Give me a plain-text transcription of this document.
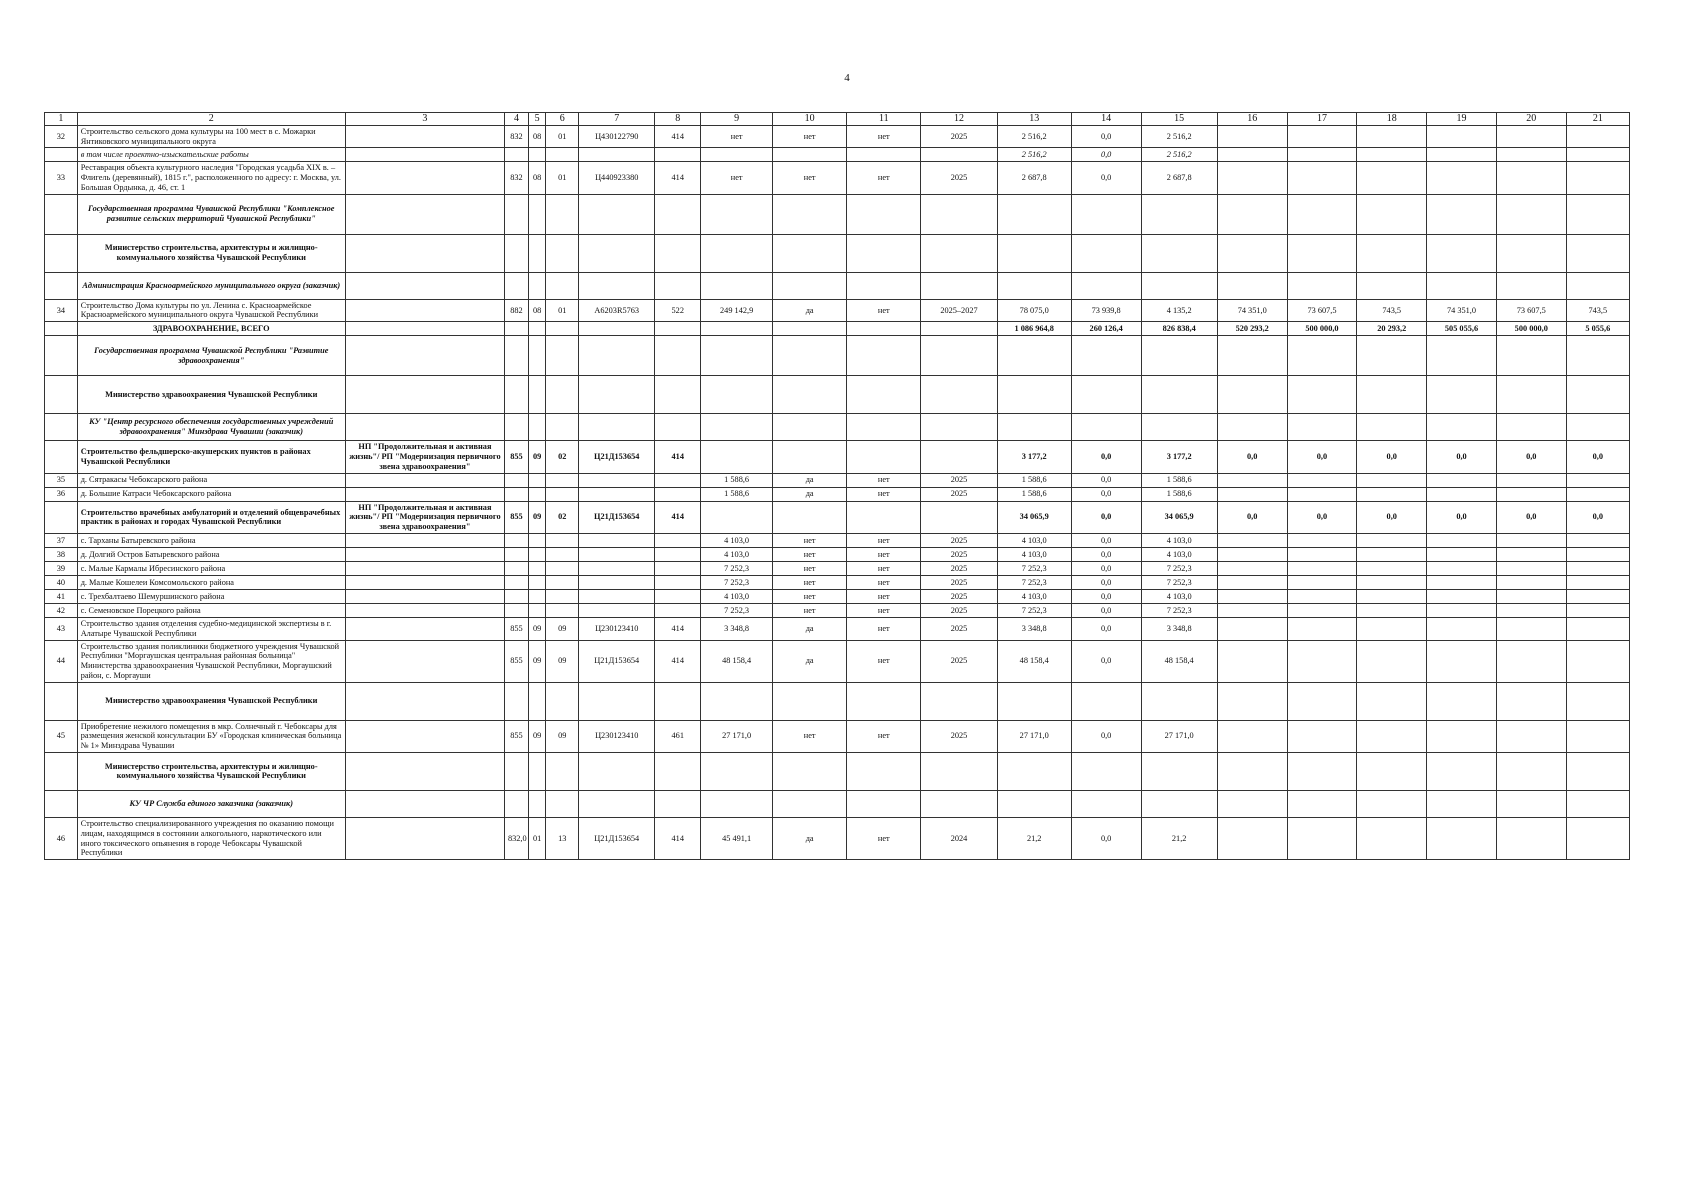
4
1	2	3	4	5	6	7	8	9	10	11	12	13	14	15	16	17	18	19	20	21
32	Строительство сельского дома культуры на 100 мест в с. Можарки Янтиковского муниципального округа		832	08	01	Ц430122790	414	нет	нет	нет	2025	2 516,2	0,0	2 516,2						
	в том числе проектно-изыскательские работы											2 516,2	0,0	2 516,2						
33	Реставрация объекта культурного наследия "Городская усадьба XIX в. – Флигель (деревянный), 1815 г.", расположенного по адресу: г. Москва, ул. Большая Ордынка, д. 46, ст. 1		832	08	01	Ц440923380	414	нет	нет	нет	2025	2 687,8	0,0	2 687,8						
	Государственная программа Чувашской Республики "Комплексное развитие сельских территорий Чувашской Республики"																			
	Министерство строительства, архитектуры и жилищно-коммунального хозяйства Чувашской Республики																			
	Администрация Красноармейского муниципального округа (заказчик)																			
34	Строительство Дома культуры по ул. Ленина с. Красноармейское Красноармейского муниципального округа Чувашской Республики		882	08	01	А6203R5763	522	249 142,9	да	нет	2025–2027	78 075,0	73 939,8	4 135,2	74 351,0	73 607,5	743,5	74 351,0	73 607,5	743,5
	ЗДРАВООХРАНЕНИЕ, ВСЕГО											1 086 964,8	260 126,4	826 838,4	520 293,2	500 000,0	20 293,2	505 055,6	500 000,0	5 055,6
	Государственная программа Чувашской Республики "Развитие здравоохранения"																			
	Министерство здравоохранения Чувашской Республики																			
	КУ "Центр ресурсного обеспечения государственных учреждений здравоохранения" Минздрава Чувашии (заказчик)																			
	Строительство фельдшерско-акушерских пунктов в районах Чувашской Республики	НП "Продолжительная и активная жизнь"/ РП "Модернизация первичного звена здравоохранения"	855	09	02	Ц21Д153654	414					3 177,2	0,0	3 177,2	0,0	0,0	0,0	0,0	0,0	0,0
35	д. Сятракасы Чебоксарского района							1 588,6	да	нет	2025	1 588,6	0,0	1 588,6						
36	д. Большие Катраси Чебоксарского района							1 588,6	да	нет	2025	1 588,6	0,0	1 588,6						
	Строительство врачебных амбулаторий и отделений общеврачебных практик в районах и городах Чувашской Республики	НП "Продолжительная и активная жизнь"/ РП "Модернизация первичного звена здравоохранения"	855	09	02	Ц21Д153654	414					34 065,9	0,0	34 065,9	0,0	0,0	0,0	0,0	0,0	0,0
37	с. Тарханы Батыревского района							4 103,0	нет	нет	2025	4 103,0	0,0	4 103,0						
38	д. Долгий Остров Батыревского района							4 103,0	нет	нет	2025	4 103,0	0,0	4 103,0						
39	с. Малые Кармалы Ибресинского района							7 252,3	нет	нет	2025	7 252,3	0,0	7 252,3						
40	д. Малые Кошелеи Комсомольского района							7 252,3	нет	нет	2025	7 252,3	0,0	7 252,3						
41	с. Трехбалтаево Шемуршинского района							4 103,0	нет	нет	2025	4 103,0	0,0	4 103,0						
42	с. Семеновское Порецкого района							7 252,3	нет	нет	2025	7 252,3	0,0	7 252,3						
43	Строительство здания отделения судебно-медицинской экспертизы в г. Алатыре Чувашской Республики		855	09	09	Ц230123410	414	3 348,8	да	нет	2025	3 348,8	0,0	3 348,8						
44	Строительство здания поликлиники бюджетного учреждения Чувашской Республики "Моргаушская центральная районная больница" Министерства здравоохранения Чувашской Республики, Моргаушский район, с. Моргауши		855	09	09	Ц21Д153654	414	48 158,4	да	нет	2025	48 158,4	0,0	48 158,4						
	Министерство здравоохранения Чувашской Республики																			
45	Приобретение нежилого помещения в мкр. Солнечный г. Чебоксары для размещения женской консультации БУ «Городская клиническая больница № 1» Минздрава Чувашии		855	09	09	Ц230123410	461	27 171,0	нет	нет	2025	27 171,0	0,0	27 171,0						
	Министерство строительства, архитектуры и жилищно-коммунального хозяйства Чувашской Республики																			
	КУ ЧР Служба единого заказчика (заказчик)																			
46	Строительство специализированного учреждения по оказанию помощи лицам, находящимся в состоянии алкогольного, наркотического или иного токсического опьянения в городе Чебоксары Чувашской Республики		832,0	01	13	Ц21Д153654	414	45 491,1	да	нет	2024	21,2	0,0	21,2						
